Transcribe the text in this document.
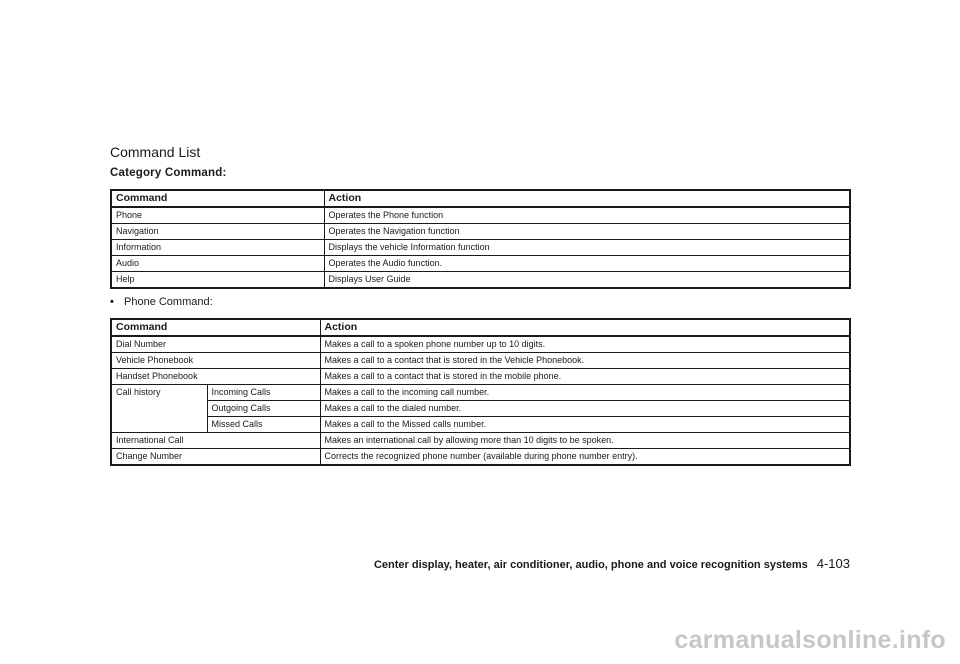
Command List
Category Command:
Command	Action
Phone	Operates the Phone function
Navigation	Operates the Navigation function
Information	Displays the vehicle Information function
Audio	Operates the Audio function.
Help	Displays User Guide
• Phone Command:
Command		Action
Dial Number		Makes a call to a spoken phone number up to 10 digits.
Vehicle Phonebook		Makes a call to a contact that is stored in the Vehicle Phonebook.
Handset Phonebook		Makes a call to a contact that is stored in the mobile phone.
Call history	Incoming Calls	Makes a call to the incoming call number.
	Outgoing Calls	Makes a call to the dialed number.
	Missed Calls	Makes a call to the Missed calls number.
International Call		Makes an international call by allowing more than 10 digits to be spoken.
Change Number		Corrects the recognized phone number (available during phone number entry).
Center display, heater, air conditioner, audio, phone and voice recognition systems 4-103
carmanualsonline.info
